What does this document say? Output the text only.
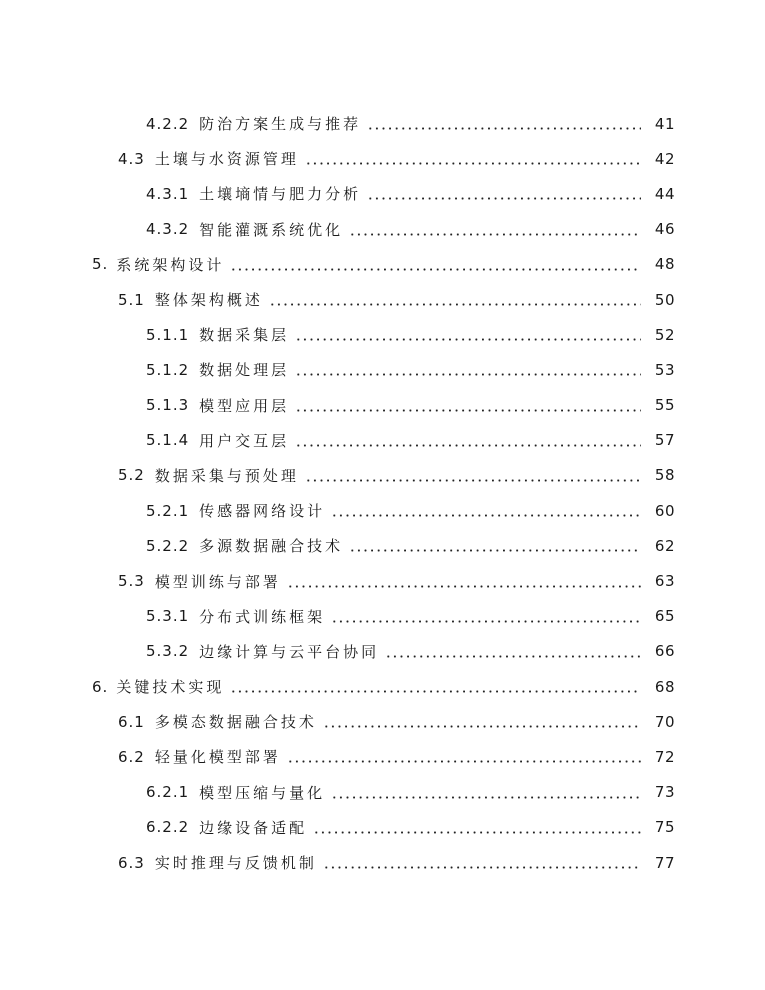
4.2.2 防治方案生成与推荐	41
4.3 土壤与水资源管理	42
4.3.1 土壤墒情与肥力分析	44
4.3.2 智能灌溉系统优化	46
5. 系统架构设计	48
5.1 整体架构概述	50
5.1.1 数据采集层	52
5.1.2 数据处理层	53
5.1.3 模型应用层	55
5.1.4 用户交互层	57
5.2 数据采集与预处理	58
5.2.1 传感器网络设计	60
5.2.2 多源数据融合技术	62
5.3 模型训练与部署	63
5.3.1 分布式训练框架	65
5.3.2 边缘计算与云平台协同	66
6. 关键技术实现	68
6.1 多模态数据融合技术	70
6.2 轻量化模型部署	72
6.2.1 模型压缩与量化	73
6.2.2 边缘设备适配	75
6.3 实时推理与反馈机制	77
